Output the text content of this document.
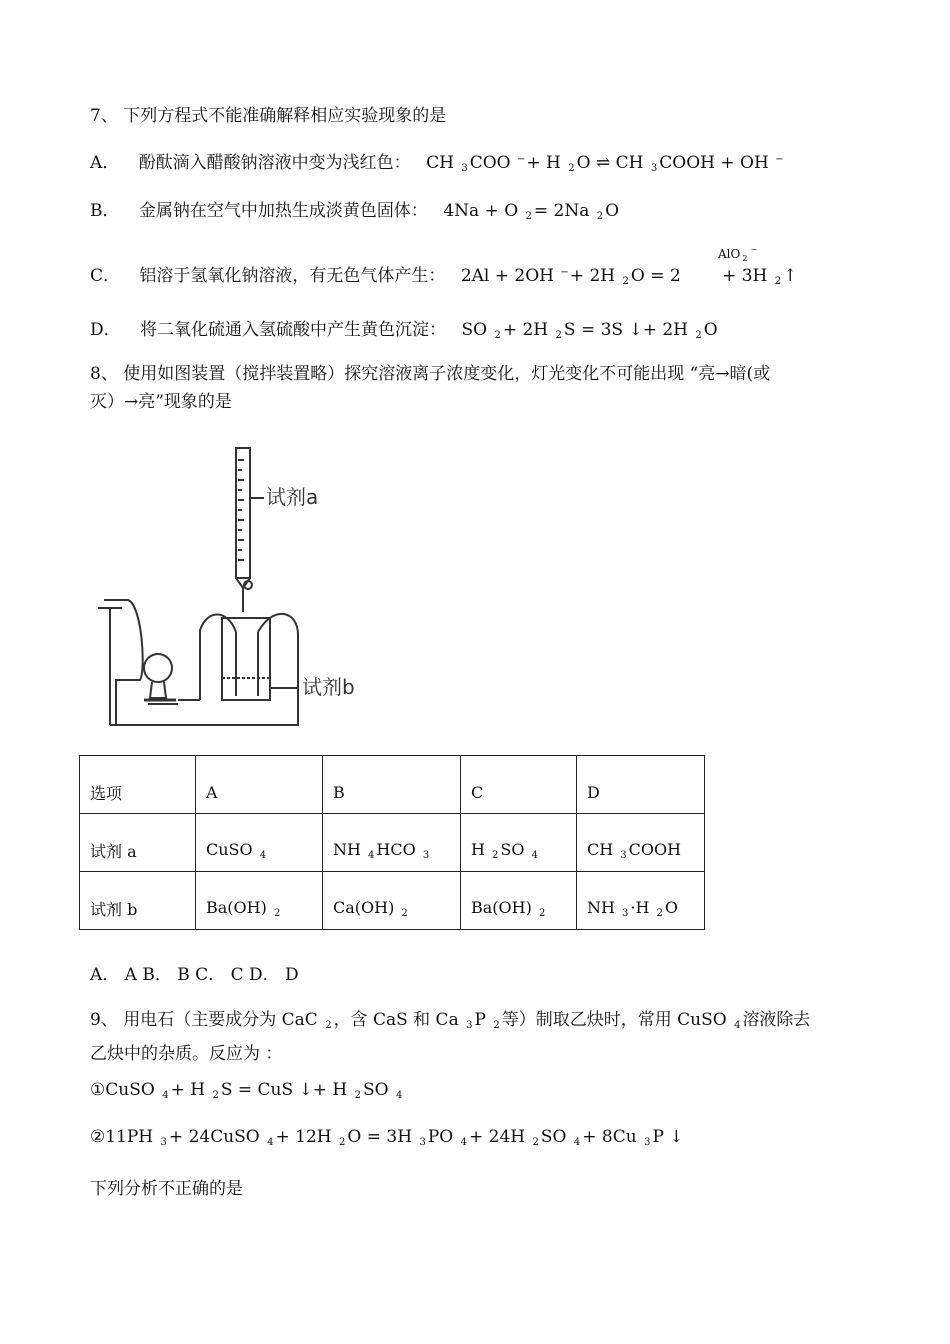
7、 下列方程式不能准确解释相应实验现象的是
A． 酚酞滴入醋酸钠溶液中变为浅红色： CH $_3$ COO −+ H $_2$ O ⇌ CH $_3$ COOH + OH −
B． 金属钠在空气中加热生成淡黄色固体： 4Na + O $_2$ = 2Na $_2$ O
AlO $_2$−
C． 铝溶于氢氧化钠溶液，有无色气体产生： 2Al + 2OH −+ 2H $_2$ O = 2 + 3H $_2$ ↑
D． 将二氧化硫通入氢硫酸中产生黄色沉淀： SO $_2$ + 2H $_2$ S = 3S ↓+ 2H $_2$ O
8、 使用如图装置（搅拌装置略）探究溶液离子浓度变化，灯光变化不可能出现 “亮→暗(或
灭）→亮”现象的是
试剂a
试剂b
选项	A	B	C	D
试剂 a	CuSO $_4$	NH $_4$ HCO $_3$	H $_2$ SO $_4$	CH $_3$ COOH
试剂 b	Ba(OH) $_2$	Ca(OH) $_2$	Ba(OH) $_2$	NH $_3$ ·H $_2$ O
A． A B． B C． C D． D
9、 用电石（主要成分为 CaC $_2$ ，含 CaS 和 Ca $_3$ P $_2$ 等）制取乙炔时，常用 CuSO $_4$ 溶液除去
乙炔中的杂质。反应为 ：
①CuSO $_4$ + H $_2$ S = CuS ↓+ H $_2$ SO $_4$
②11PH $_3$ + 24CuSO $_4$ + 12H $_2$ O = 3H $_3$ PO $_4$ + 24H $_2$ SO $_4$ + 8Cu $_3$ P ↓
下列分析不正确的是
